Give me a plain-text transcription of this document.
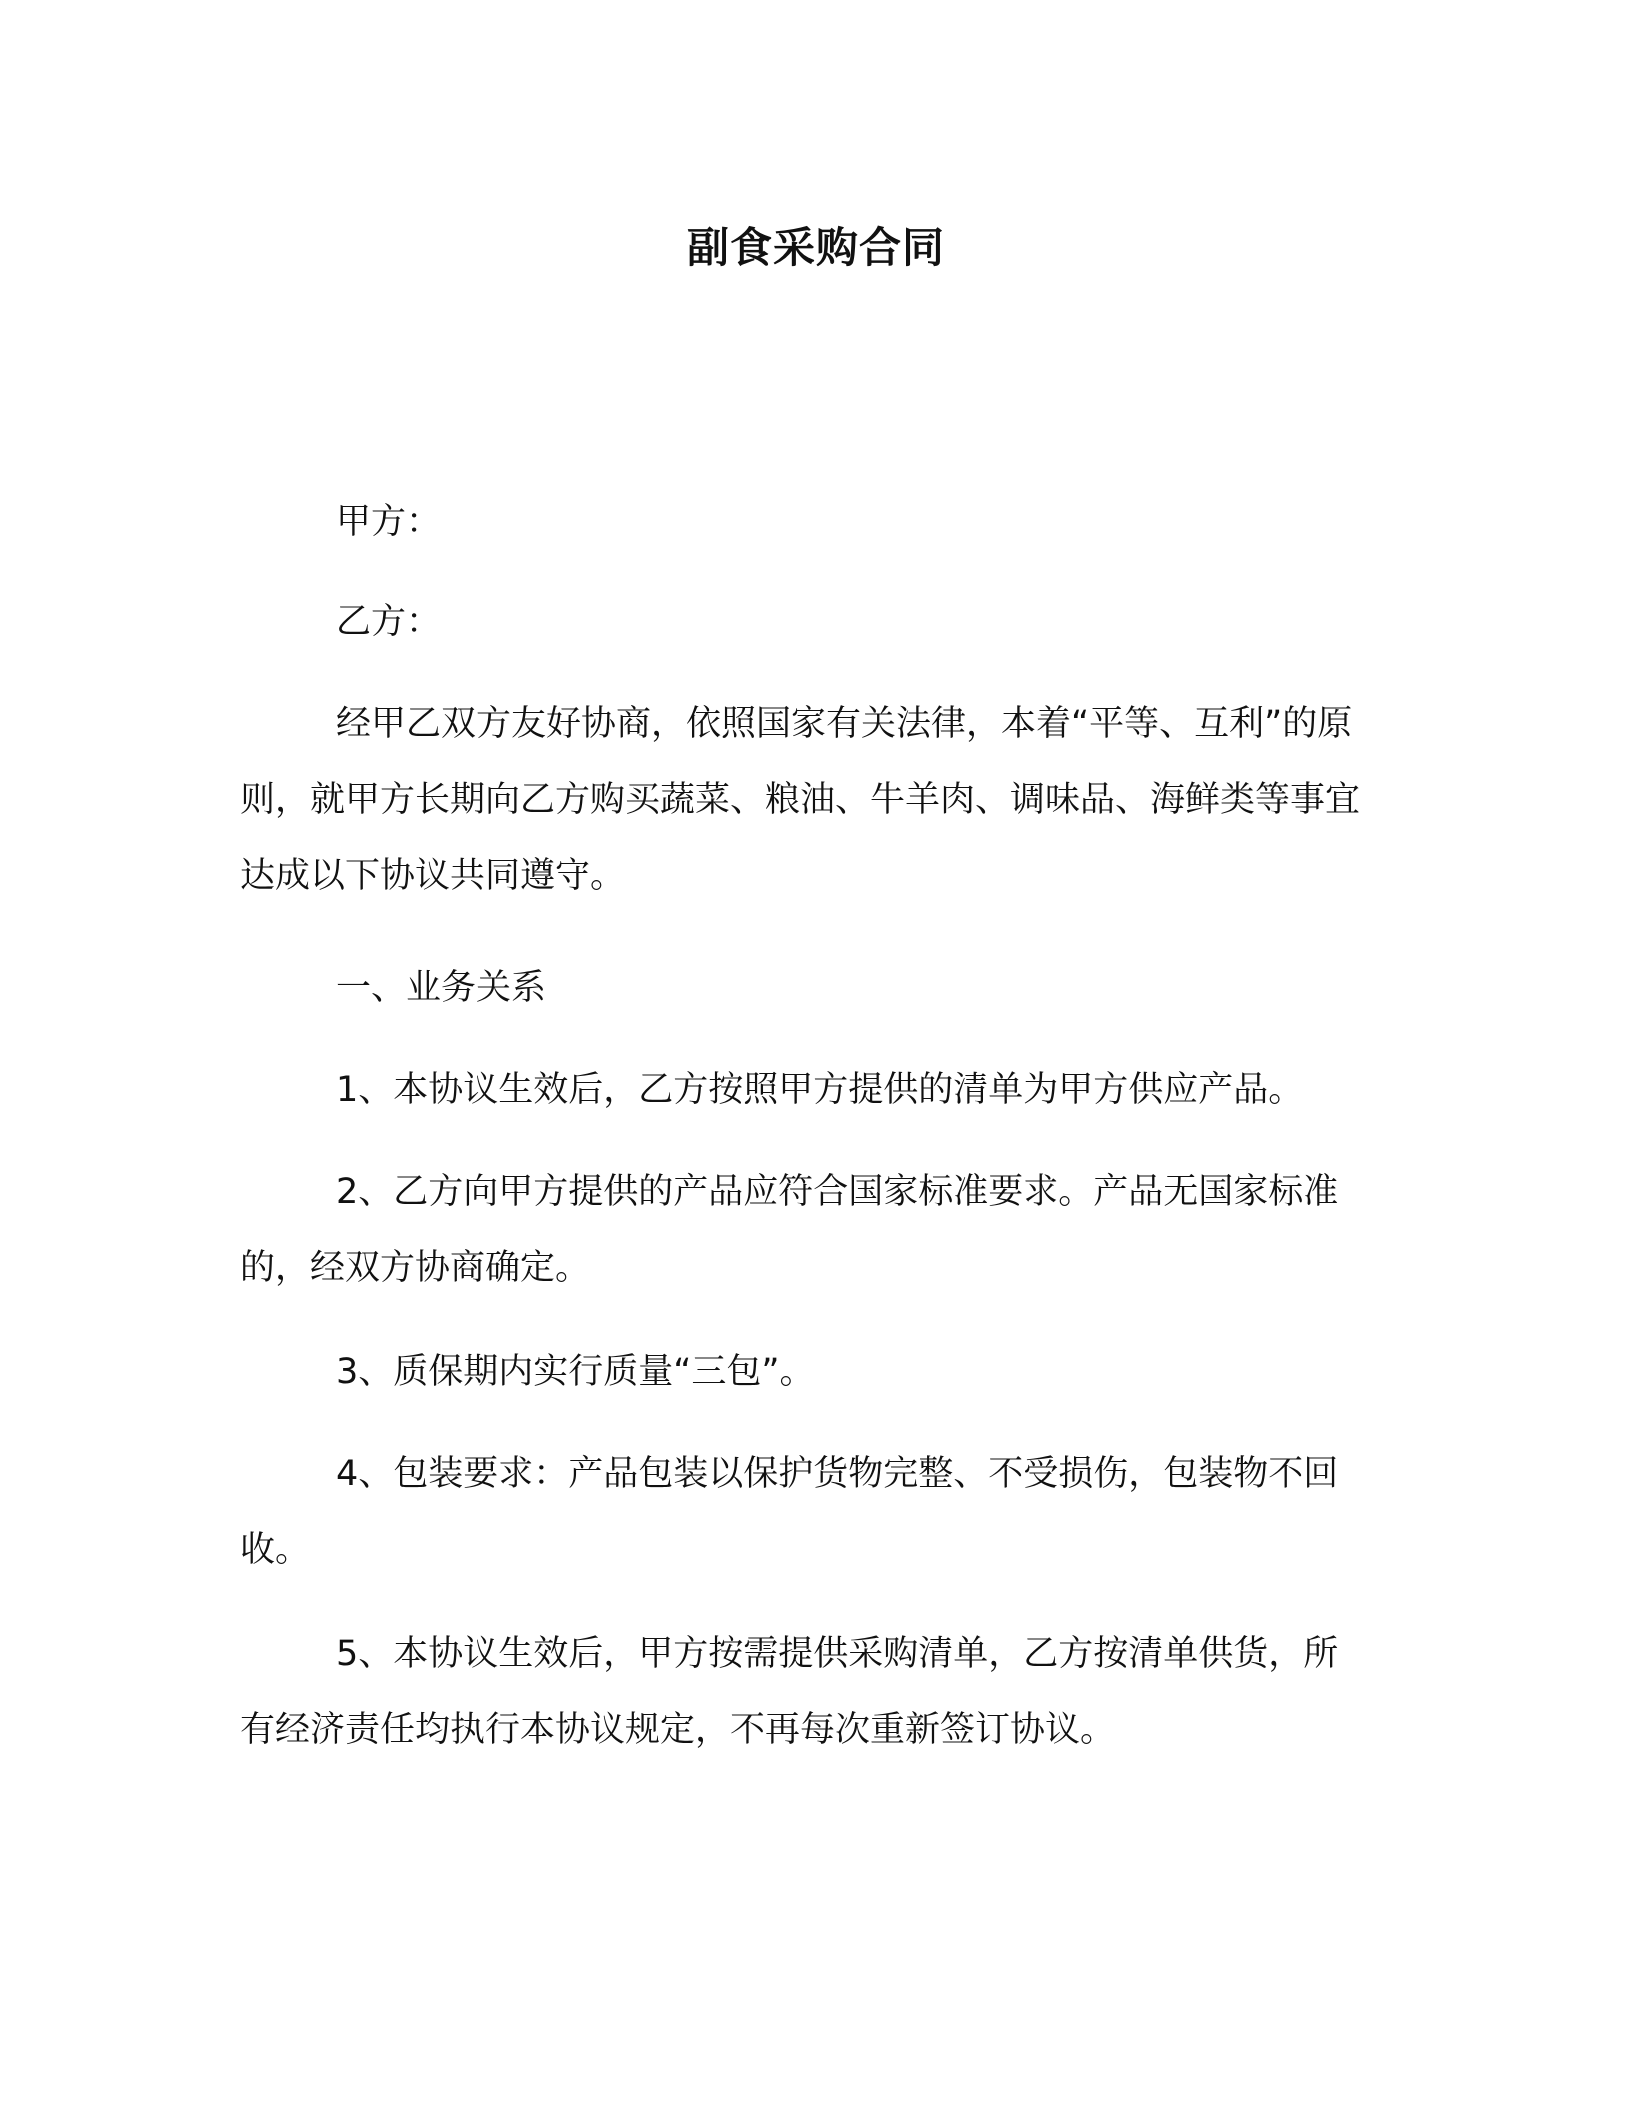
副食采购合同

甲方：

乙方：

经甲乙双方友好协商，依照国家有关法律，本着“平等、互利”的原则，就甲方长期向乙方购买蔬菜、粮油、牛羊肉、调味品、海鲜类等事宜达成以下协议共同遵守。

一、业务关系

1、本协议生效后，乙方按照甲方提供的清单为甲方供应产品。

2、乙方向甲方提供的产品应符合国家标准要求。产品无国家标准的，经双方协商确定。

3、质保期内实行质量“三包”。

4、包装要求：产品包装以保护货物完整、不受损伤，包装物不回收。

5、本协议生效后，甲方按需提供采购清单，乙方按清单供货，所有经济责任均执行本协议规定，不再每次重新签订协议。
